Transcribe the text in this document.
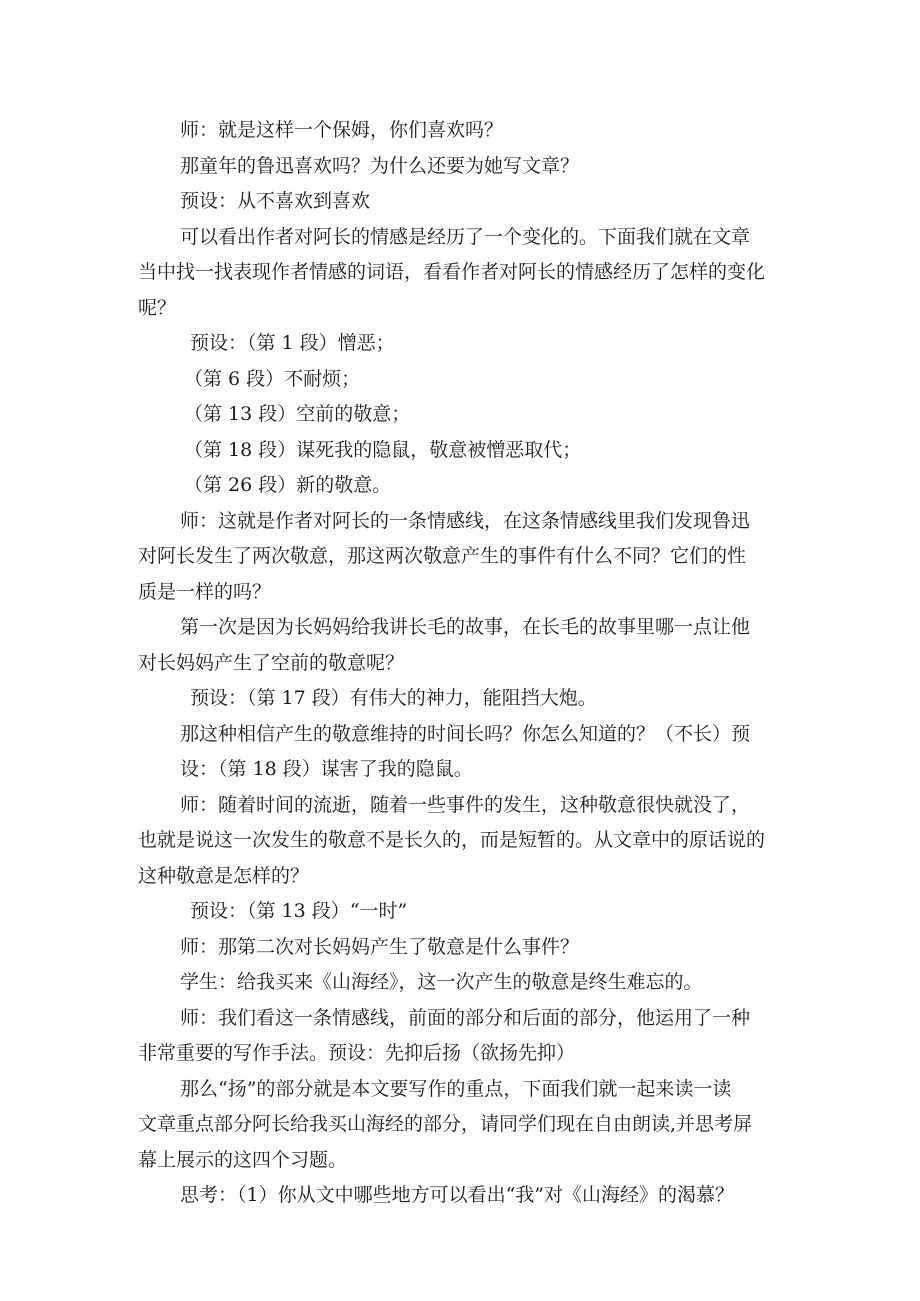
师：就是这样一个保姆，你们喜欢吗？

那童年的鲁迅喜欢吗？为什么还要为她写文章？

预设：从不喜欢到喜欢

可以看出作者对阿长的情感是经历了一个变化的。下面我们就在文章

当中找一找表现作者情感的词语，看看作者对阿长的情感经历了怎样的变化

呢？

预设：（第 1 段）憎恶；

（第 6 段）不耐烦；

（第 13 段）空前的敬意；

（第 18 段）谋死我的隐鼠，敬意被憎恶取代；

（第 26 段）新的敬意。

师：这就是作者对阿长的一条情感线，在这条情感线里我们发现鲁迅

对阿长发生了两次敬意，那这两次敬意产生的事件有什么不同？它们的性

质是一样的吗？

第一次是因为长妈妈给我讲长毛的故事，在长毛的故事里哪一点让他

对长妈妈产生了空前的敬意呢？

预设：（第 17 段）有伟大的神力，能阻挡大炮。

那这种相信产生的敬意维持的时间长吗？你怎么知道的？（不长）预

设：（第 18 段）谋害了我的隐鼠。

师：随着时间的流逝，随着一些事件的发生，这种敬意很快就没了，

也就是说这一次发生的敬意不是长久的，而是短暂的。从文章中的原话说的

这种敬意是怎样的？

预设：（第 13 段）“一时”

师：那第二次对长妈妈产生了敬意是什么事件？

学生：给我买来《山海经》，这一次产生的敬意是终生难忘的。

师：我们看这一条情感线，前面的部分和后面的部分，他运用了一种

非常重要的写作手法。预设：先抑后扬（欲扬先抑）

那么“扬”的部分就是本文要写作的重点，下面我们就一起来读一读

文章重点部分阿长给我买山海经的部分，请同学们现在自由朗读,并思考屏

幕上展示的这四个习题。

思考：（1）你从文中哪些地方可以看出“我”对《山海经》的渴慕？
